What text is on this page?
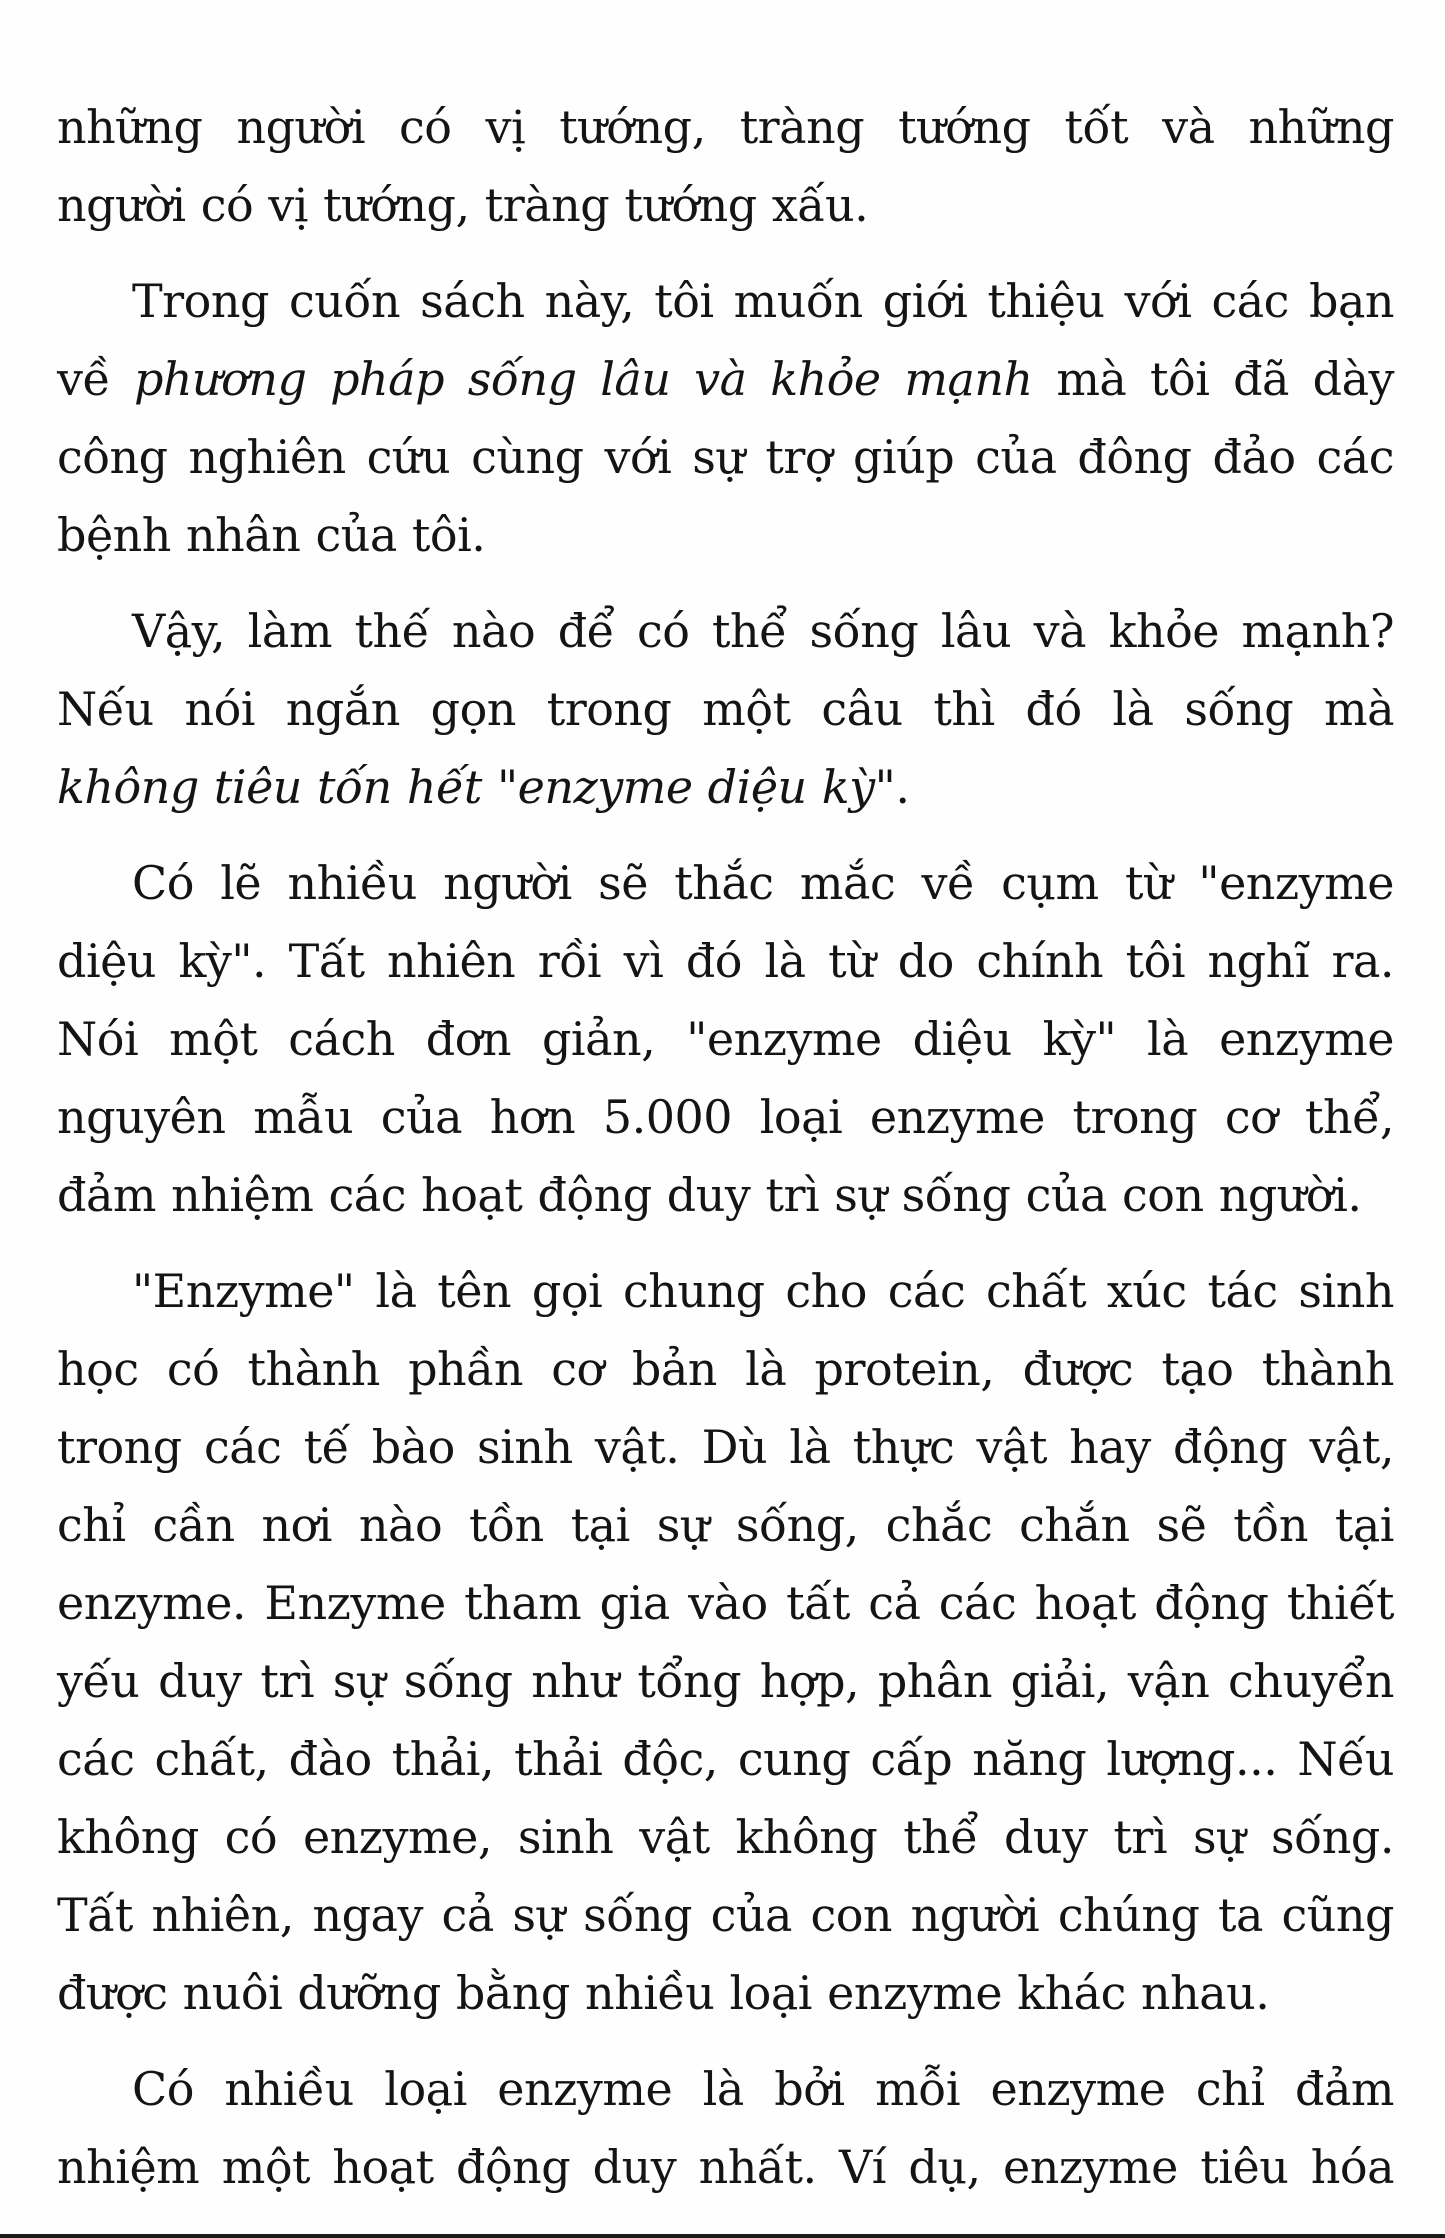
những người có vị tướng, tràng tướng tốt và những
người có vị tướng, tràng tướng xấu.

Trong cuốn sách này, tôi muốn giới thiệu với các bạn
về phương pháp sống lâu và khỏe mạnh mà tôi đã dày
công nghiên cứu cùng với sự trợ giúp của đông đảo các
bệnh nhân của tôi.

Vậy, làm thế nào để có thể sống lâu và khỏe mạnh?
Nếu nói ngắn gọn trong một câu thì đó là sống mà
không tiêu tốn hết "enzyme diệu kỳ".

Có lẽ nhiều người sẽ thắc mắc về cụm từ "enzyme
diệu kỳ". Tất nhiên rồi vì đó là từ do chính tôi nghĩ ra.
Nói một cách đơn giản, "enzyme diệu kỳ" là enzyme
nguyên mẫu của hơn 5.000 loại enzyme trong cơ thể,
đảm nhiệm các hoạt động duy trì sự sống của con người.

"Enzyme" là tên gọi chung cho các chất xúc tác sinh
học có thành phần cơ bản là protein, được tạo thành
trong các tế bào sinh vật. Dù là thực vật hay động vật,
chỉ cần nơi nào tồn tại sự sống, chắc chắn sẽ tồn tại
enzyme. Enzyme tham gia vào tất cả các hoạt động thiết
yếu duy trì sự sống như tổng hợp, phân giải, vận chuyển
các chất, đào thải, thải độc, cung cấp năng lượng... Nếu
không có enzyme, sinh vật không thể duy trì sự sống.
Tất nhiên, ngay cả sự sống của con người chúng ta cũng
được nuôi dưỡng bằng nhiều loại enzyme khác nhau.

Có nhiều loại enzyme là bởi mỗi enzyme chỉ đảm
nhiệm một hoạt động duy nhất. Ví dụ, enzyme tiêu hóa
